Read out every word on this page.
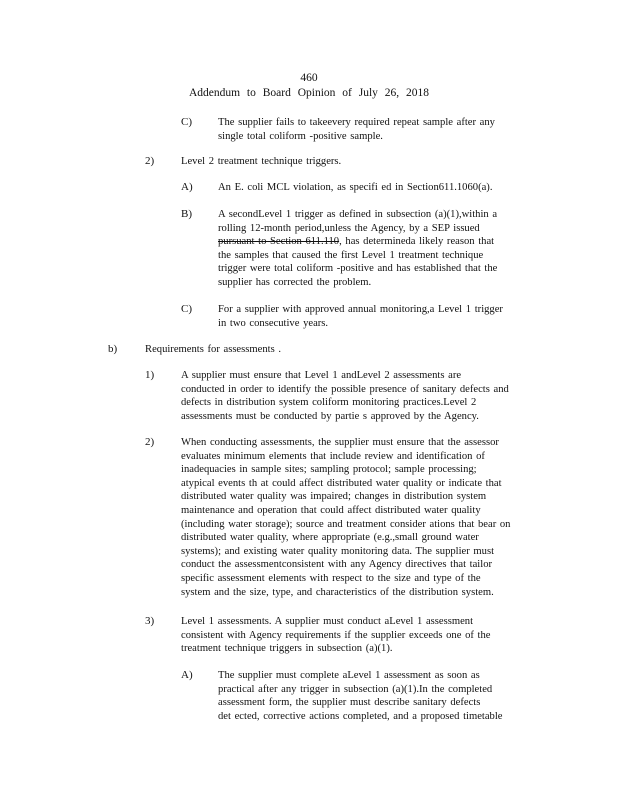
460
Addendum to Board Opinion of July 26, 2018
C) The supplier fails to takeevery required repeat sample after any
single total coliform -positive sample.
2)	Level 2 treatment technique triggers.
A) An E. coli MCL violation, as specifi ed in Section611.1060(a).
B) A secondLevel 1 trigger as defined in subsection (a)(1),within a
rolling 12-month period,unless the Agency, by a SEP issued
pursuant to Section 611.110, has determineda likely reason that
the samples that caused the first Level 1 treatment technique
trigger were total coliform -positive and has established that the
supplier has corrected the problem.
C) For a supplier with approved annual monitoring,a Level 1 trigger
in two consecutive years.
b)	Requirements for assessments .
1)	A supplier must ensure that Level 1 andLevel 2 assessments are
conducted in order to identify the possible presence of sanitary defects and
defects in distribution system coliform monitoring practices.Level 2
assessments must be conducted by partie s approved by the Agency.
2)	When conducting assessments, the supplier must ensure that the assessor
evaluates minimum elements that include review and identification of
inadequacies in sample sites; sampling protocol; sample processing;
atypical events th at could affect distributed water quality or indicate that
distributed water quality was impaired; changes in distribution system
maintenance and operation that could affect distributed water quality
(including water storage); source and treatment consider ations that bear on
distributed water quality, where appropriate (e.g.,small ground water
systems); and existing water quality monitoring data. The supplier must
conduct the assessmentconsistent with any Agency directives that tailor
specific assessment elements with respect to the size and type of the
system and the size, type, and characteristics of the distribution system.
3)	Level 1 assessments. A supplier must conduct aLevel 1 assessment
consistent with Agency requirements if the supplier exceeds one of the
treatment technique triggers in subsection (a)(1).
A) The supplier must complete aLevel 1 assessment as soon as
practical after any trigger in subsection (a)(1).In the completed
assessment form, the supplier must describe sanitary defects
det ected, corrective actions completed, and a proposed timetable
